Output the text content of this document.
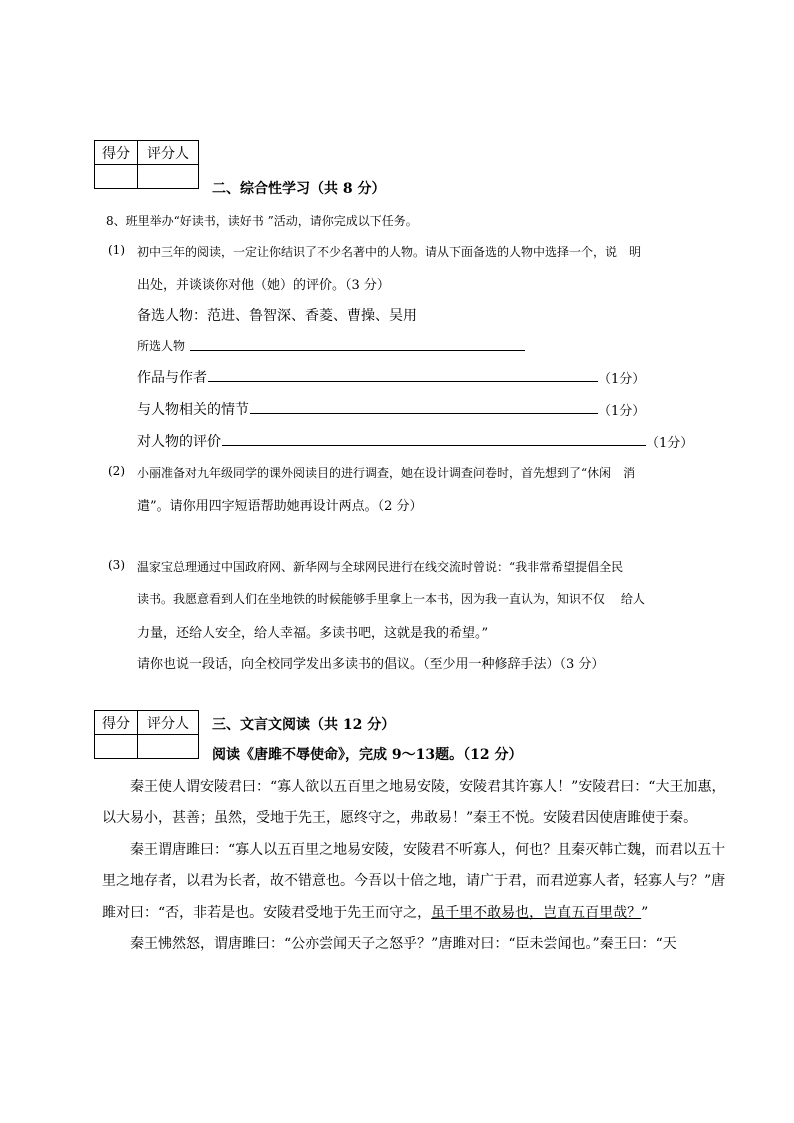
得分	评分人

二、综合性学习（共 8 分）
8、班里举办“好读书，读好书 ”活动，请你完成以下任务。
(1) 初中三年的阅读，一定让你结识了不少名著中的人物。请从下面备选的人物中选择一个，说　明
出处，并谈谈你对他（她）的评价。（3 分）
备选人物：范进、鲁智深、香菱、曹操、吴用
所选人物
作品与作者	（1分）
与人物相关的情节	（1分）
对人物的评价	（1分）
(2) 小丽准备对九年级同学的课外阅读目的进行调查，她在设计调查问卷时，首先想到了“休闲　消
遣”。请你用四字短语帮助她再设计两点。（2 分）
(3) 温家宝总理通过中国政府网、新华网与全球网民进行在线交流时曾说：“我非常希望提倡全民
读书。我愿意看到人们在坐地铁的时候能够手里拿上一本书，因为我一直认为，知识不仅　 给人
力量，还给人安全，给人幸福。多读书吧，这就是我的希望。”
请你也说一段话，向全校同学发出多读书的倡议。（至少用一种修辞手法）（3 分）
得分	评分人
	三、文言文阅读（共 12 分）
阅读《唐雎不辱使命》，完成 9～13题。（12 分）
秦王使人谓安陵君曰：“寡人欲以五百里之地易安陵，安陵君其许寡人！”安陵君曰：“大王加惠，
以大易小，甚善；虽然，受地于先王，愿终守之，弗敢易！”秦王不悦。安陵君因使唐雎使于秦。
秦王谓唐雎曰：“寡人以五百里之地易安陵，安陵君不听寡人，何也？且秦灭韩亡魏，而君以五十
里之地存者，以君为长者，故不错意也。今吾以十倍之地，请广于君，而君逆寡人者，轻寡人与？”唐
雎对曰：“否，非若是也。安陵君受地于先王而守之，虽千里不敢易也，岂直五百里哉？”
秦王怫然怒，谓唐雎曰：“公亦尝闻天子之怒乎？”唐雎对曰：“臣未尝闻也。”秦王曰：“天
